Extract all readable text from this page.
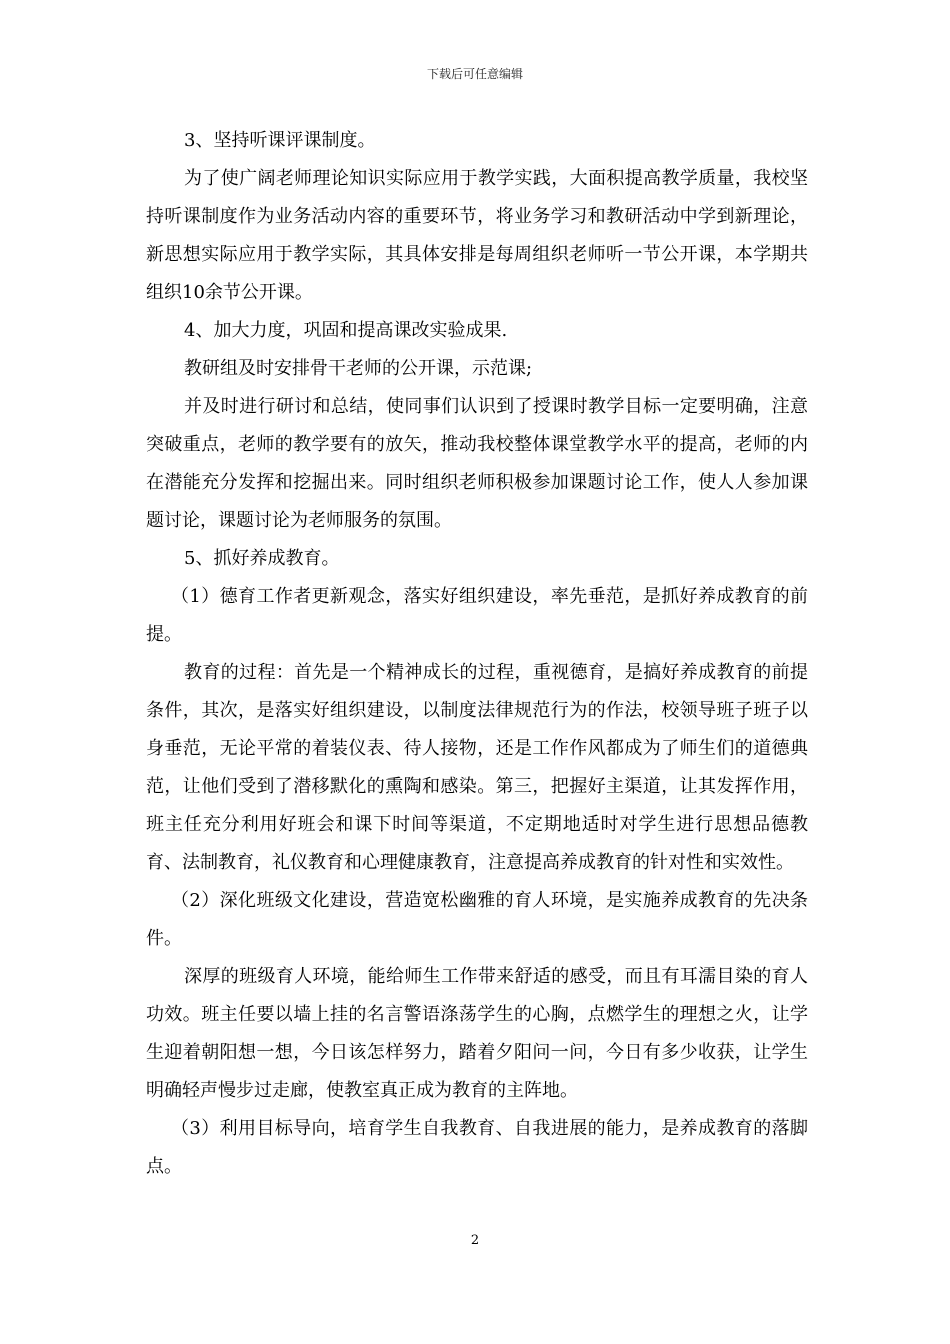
下载后可任意编辑

3、坚持听课评课制度。

为了使广阔老师理论知识实际应用于教学实践，大面积提高教学质量，我校坚持听课制度作为业务活动内容的重要环节，将业务学习和教研活动中学到新理论，新思想实际应用于教学实际，其具体安排是每周组织老师听一节公开课，本学期共组织10余节公开课。

4、加大力度，巩固和提高课改实验成果.

教研组及时安排骨干老师的公开课，示范课;

并及时进行研讨和总结，使同事们认识到了授课时教学目标一定要明确，注意突破重点，老师的教学要有的放矢，推动我校整体课堂教学水平的提高，老师的内在潜能充分发挥和挖掘出来。同时组织老师积极参加课题讨论工作，使人人参加课题讨论，课题讨论为老师服务的氛围。

5、抓好养成教育。

（1）德育工作者更新观念，落实好组织建设，率先垂范，是抓好养成教育的前提。

教育的过程：首先是一个精神成长的过程，重视德育，是搞好养成教育的前提条件，其次，是落实好组织建设，以制度法律规范行为的作法，校领导班子班子以身垂范，无论平常的着装仪表、待人接物，还是工作作风都成为了师生们的道德典范，让他们受到了潜移默化的熏陶和感染。第三，把握好主渠道，让其发挥作用，班主任充分利用好班会和课下时间等渠道，不定期地适时对学生进行思想品德教育、法制教育，礼仪教育和心理健康教育，注意提高养成教育的针对性和实效性。

（2）深化班级文化建设，营造宽松幽雅的育人环境，是实施养成教育的先决条件。

深厚的班级育人环境，能给师生工作带来舒适的感受，而且有耳濡目染的育人功效。班主任要以墙上挂的名言警语涤荡学生的心胸，点燃学生的理想之火，让学生迎着朝阳想一想，今日该怎样努力，踏着夕阳问一问，今日有多少收获，让学生明确轻声慢步过走廊，使教室真正成为教育的主阵地。

（3）利用目标导向，培育学生自我教育、自我进展的能力，是养成教育的落脚点。

2
